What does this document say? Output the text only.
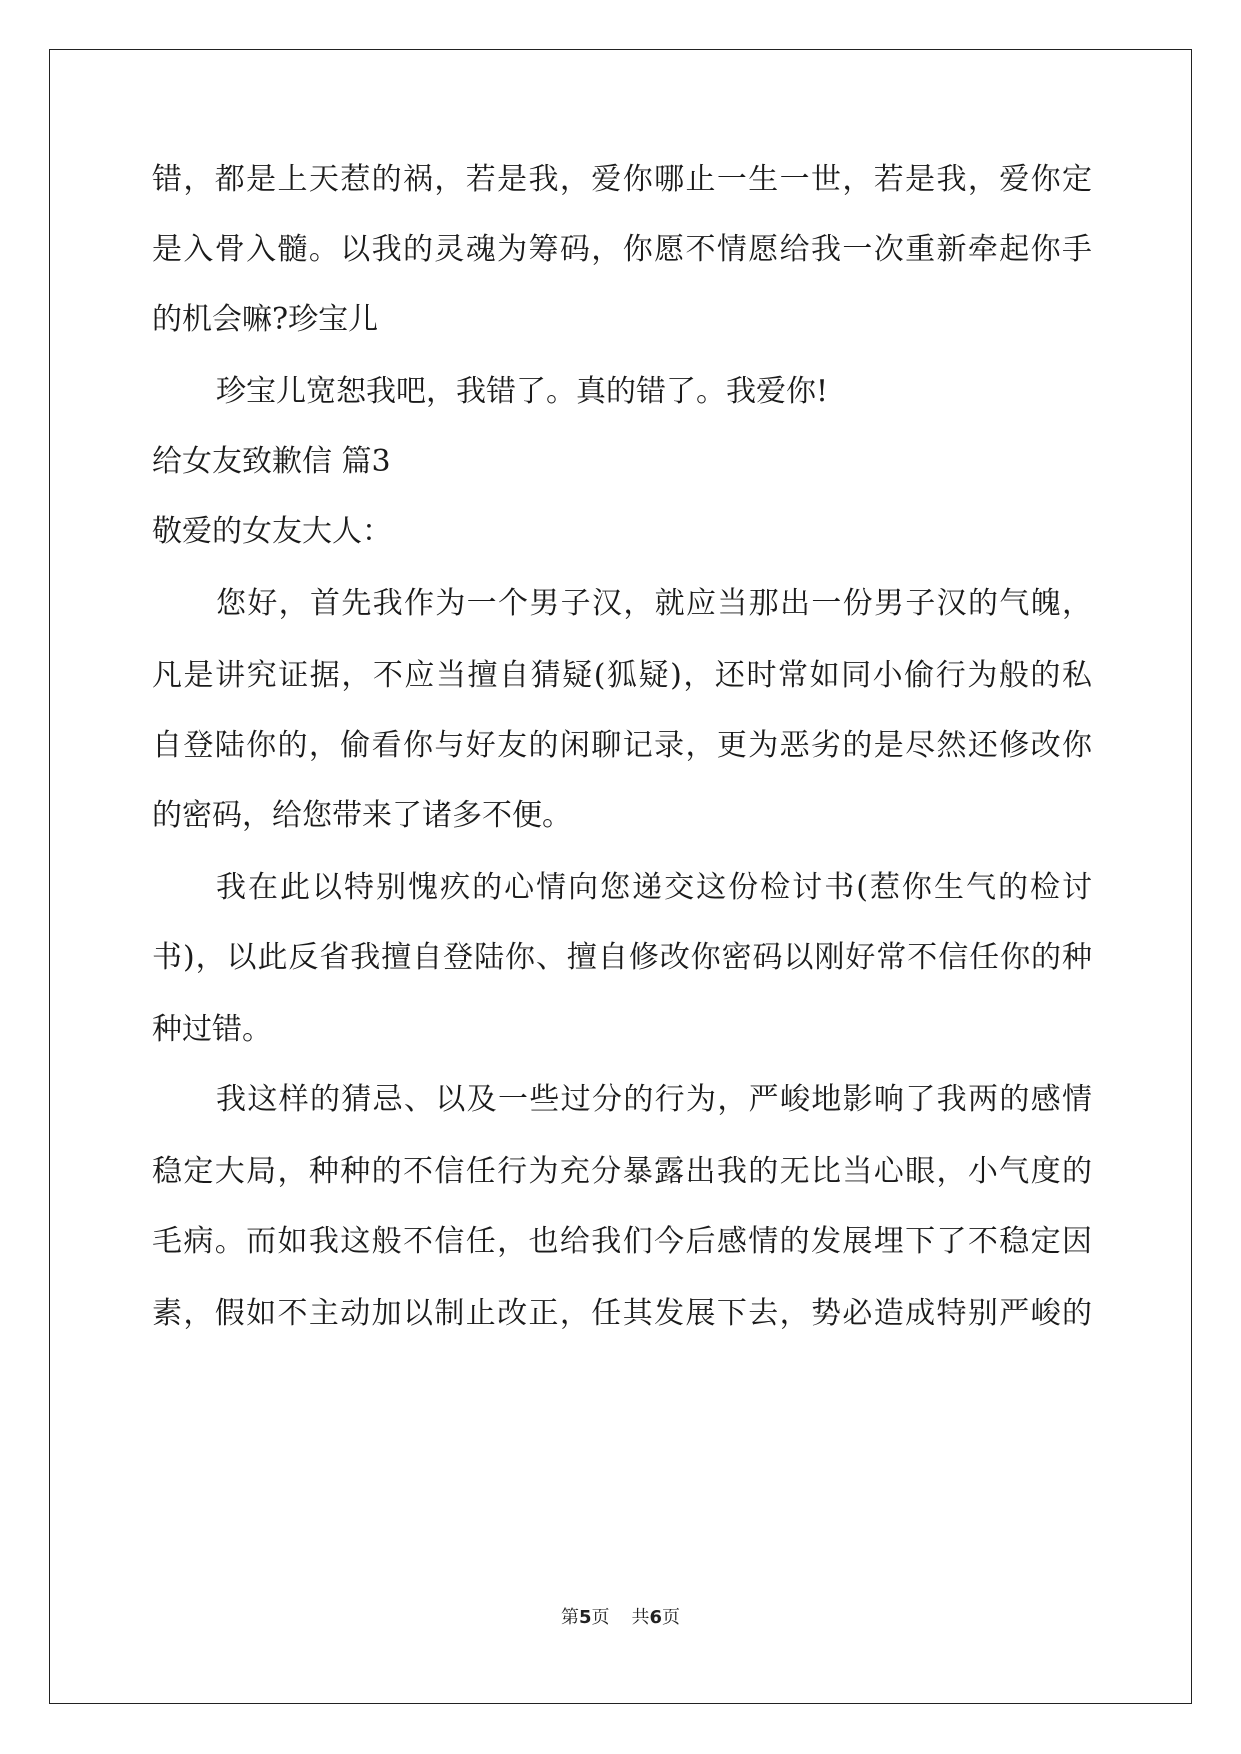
错，都是上天惹的祸，若是我，爱你哪止一生一世，若是我，爱你定
是入骨入髓。以我的灵魂为筹码，你愿不情愿给我一次重新牵起你手
的机会嘛?珍宝儿
珍宝儿宽恕我吧，我错了。真的错了。我爱你!
给女友致歉信 篇3
敬爱的女友大人：
您好，首先我作为一个男子汉，就应当那出一份男子汉的气魄，
凡是讲究证据，不应当擅自猜疑(狐疑)，还时常如同小偷行为般的私
自登陆你的，偷看你与好友的闲聊记录，更为恶劣的是尽然还修改你
的密码，给您带来了诸多不便。
我在此以特别愧疚的心情向您递交这份检讨书(惹你生气的检讨
书)，以此反省我擅自登陆你、擅自修改你密码以刚好常不信任你的种
种过错。
我这样的猜忌、以及一些过分的行为，严峻地影响了我两的感情
稳定大局，种种的不信任行为充分暴露出我的无比当心眼，小气度的
毛病。而如我这般不信任，也给我们今后感情的发展埋下了不稳定因
素，假如不主动加以制止改正，任其发展下去，势必造成特别严峻的
第5页 共6页
